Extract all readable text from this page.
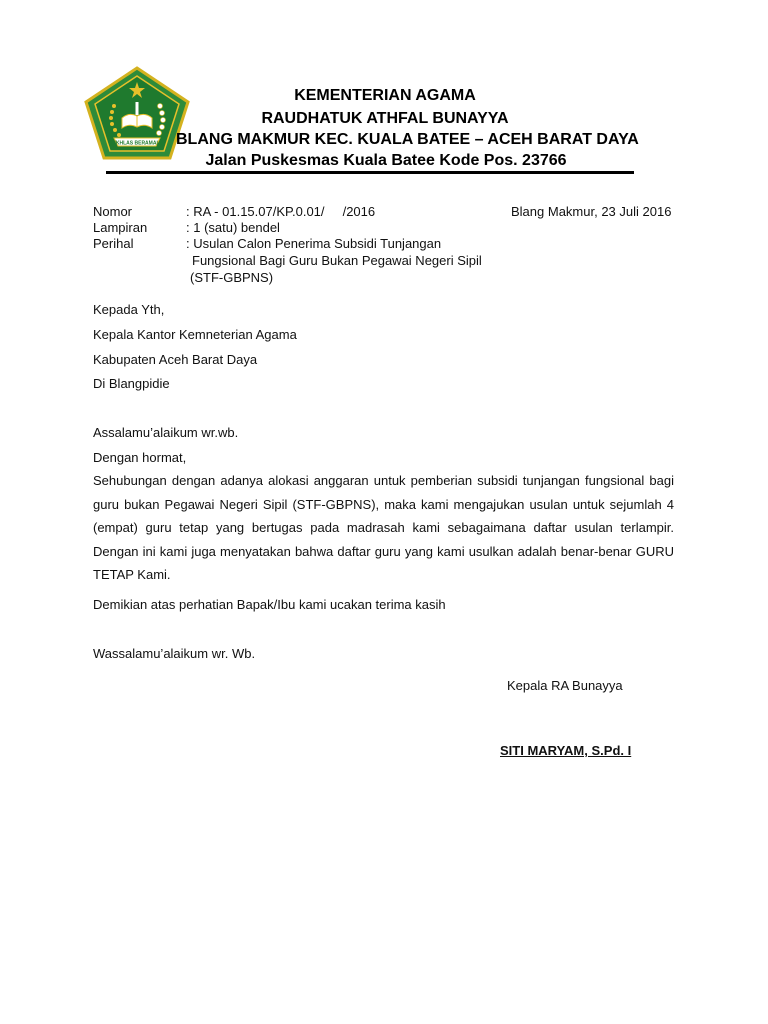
IKHLAS BERAMAL
KEMENTERIAN AGAMA
RAUDHATUK ATHFAL BUNAYYA
BLANG MAKMUR KEC. KUALA BATEE – ACEH BARAT DAYA
Jalan Puskesmas Kuala Batee Kode Pos. 23766
Nomor	: RA - 01.15.07/KP.0.01/     /2016	Blang Makmur, 23 Juli 2016
Lampiran	: 1 (satu) bendel
Perihal	: Usulan Calon Penerima Subsidi Tunjangan
Fungsional Bagi Guru Bukan Pegawai Negeri Sipil
(STF-GBPNS)
Kepada Yth,
Kepala Kantor Kemneterian Agama
Kabupaten Aceh Barat Daya
Di Blangpidie
Assalamu’alaikum wr.wb.
Dengan hormat,
Sehubungan dengan adanya alokasi anggaran untuk pemberian subsidi tunjangan fungsional bagi guru bukan Pegawai Negeri Sipil (STF-GBPNS), maka kami mengajukan usulan untuk sejumlah 4 (empat) guru tetap yang bertugas pada madrasah kami sebagaimana daftar usulan terlampir. Dengan ini kami juga menyatakan bahwa daftar guru yang kami usulkan adalah benar-benar GURU TETAP Kami.
Demikian atas perhatian Bapak/Ibu kami ucakan terima kasih
Wassalamu’alaikum wr. Wb.
Kepala RA Bunayya
SITI MARYAM, S.Pd. I
